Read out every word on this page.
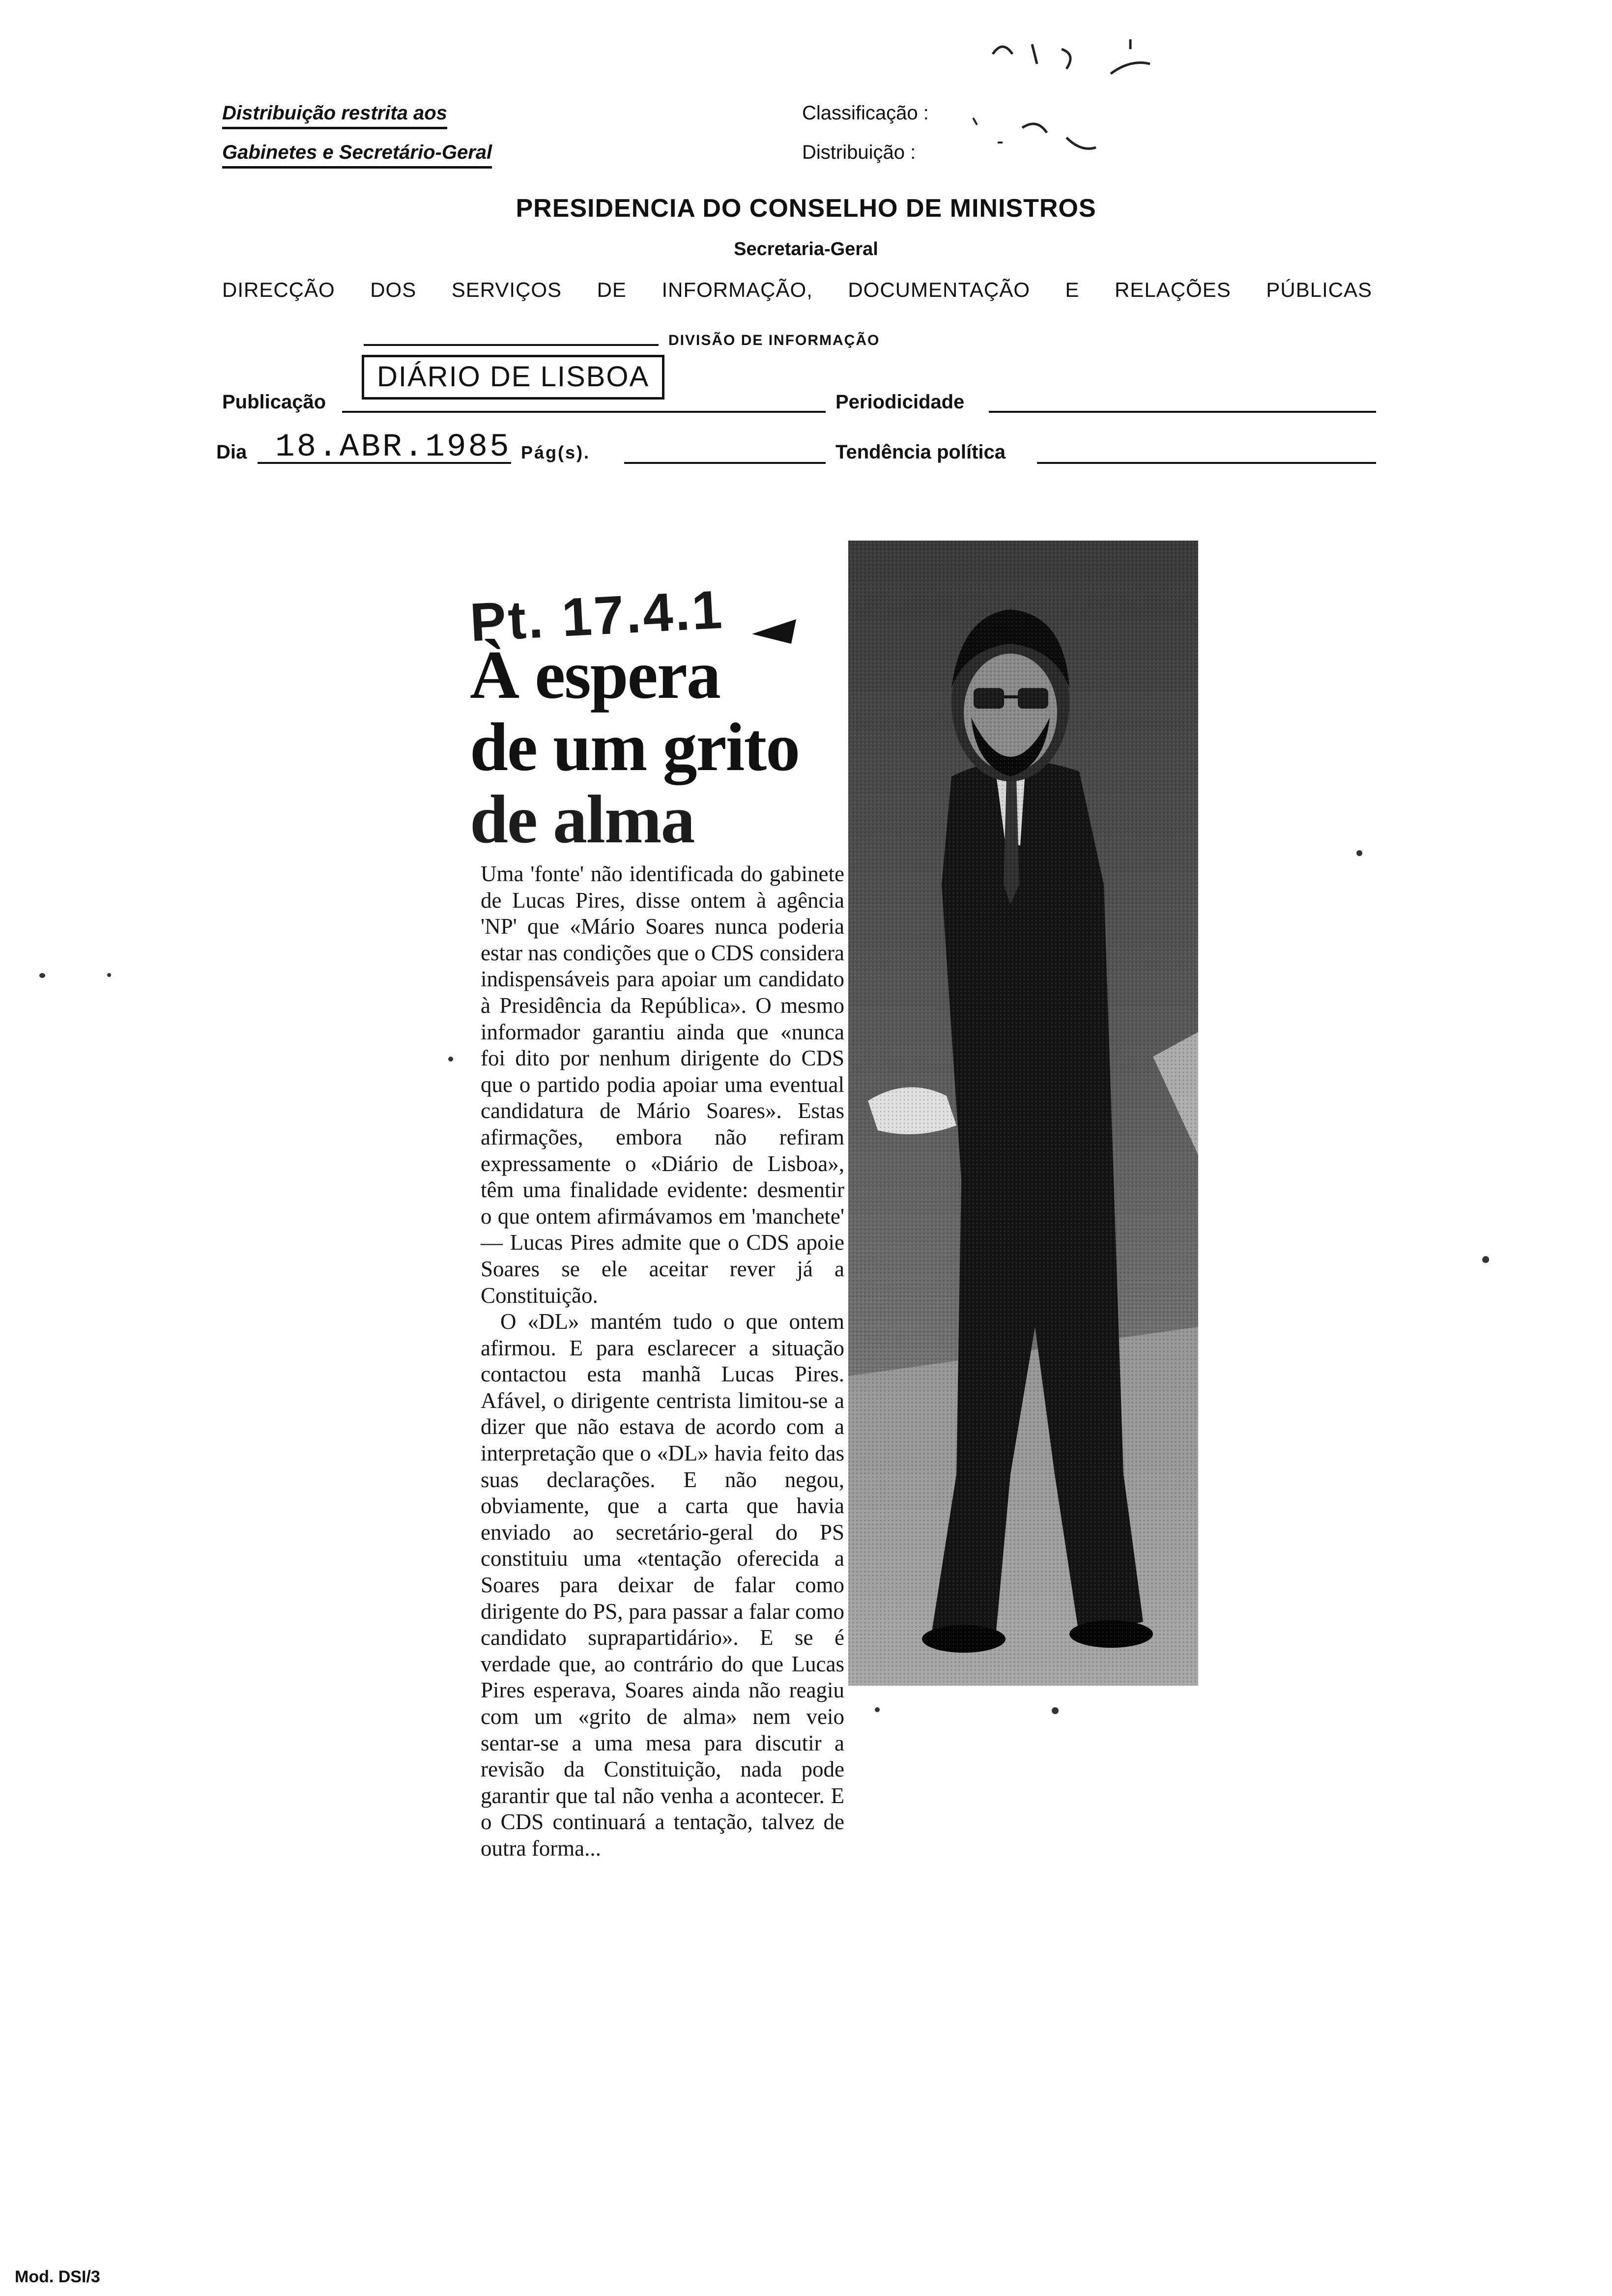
Distribuição restrita aos
Gabinetes e Secretário-Geral
Classificação :
Distribuição :
PRESIDENCIA DO CONSELHO DE MINISTROS
Secretaria-Geral
DIRECÇÃO DOS SERVIÇOS DE INFORMAÇÃO, DOCUMENTAÇÃO E RELAÇÕES PÚBLICAS
DIVISÃO DE INFORMAÇÃO
DIÁRIO DE LISBOA
Publicação	Periodicidade
Dia 18.ABR.1985 Pág(s).	Tendência política
Pt. 17.4.1
À espera
de um grito
de alma

Uma 'fonte' não identificada do gabinete de Lucas Pires, disse ontem à agência 'NP' que «Mário Soares nunca poderia estar nas condições que o CDS considera indispensáveis para apoiar um candidato à Presidência da República». O mesmo informador garantiu ainda que «nunca foi dito por nenhum dirigente do CDS que o partido podia apoiar uma eventual candidatura de Mário Soares». Estas afirmações, embora não refiram expressamente o «Diário de Lisboa», têm uma finalidade evidente: desmentir o que ontem afirmávamos em 'manchete' — Lucas Pires admite que o CDS apoie Soares se ele aceitar rever já a Constituição.

O «DL» mantém tudo o que ontem afirmou. E para esclarecer a situação contactou esta manhã Lucas Pires. Afável, o dirigente centrista limitou-se a dizer que não estava de acordo com a interpretação que o «DL» havia feito das suas declarações. E não negou, obviamente, que a carta que havia enviado ao secretário-geral do PS constituiu uma «tentação oferecida a Soares para deixar de falar como dirigente do PS, para passar a falar como candidato suprapartidário». E se é verdade que, ao contrário do que Lucas Pires esperava, Soares ainda não reagiu com um «grito de alma» nem veio sentar-se a uma mesa para discutir a revisão da Constituição, nada pode garantir que tal não venha a acontecer. E o CDS continuará a tentação, talvez de outra forma...

Mod. DSI/3
